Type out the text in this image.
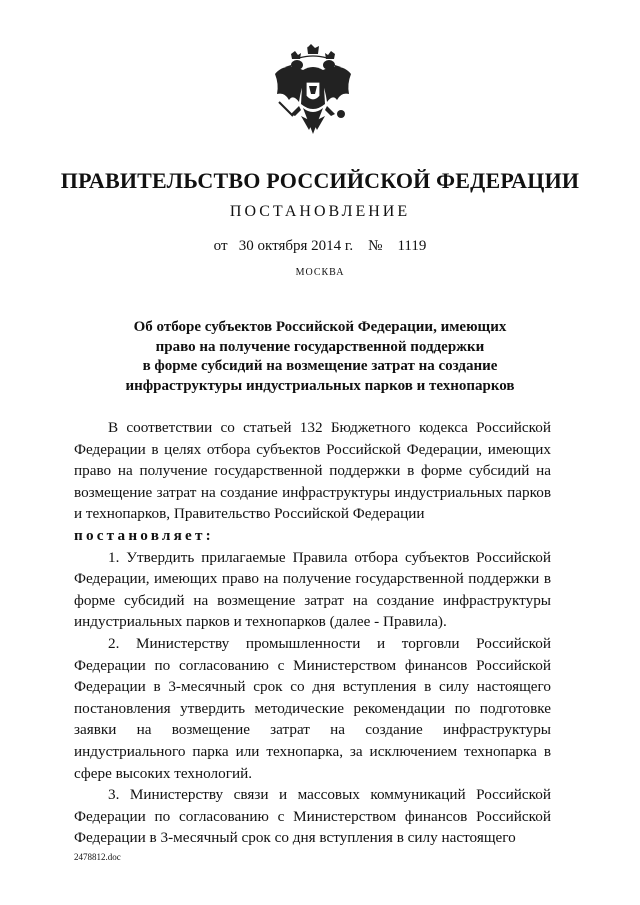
ПРАВИТЕЛЬСТВО РОССИЙСКОЙ ФЕДЕРАЦИИ
ПОСТАНОВЛЕНИЕ
от 30 октября 2014 г. № 1119
МОСКВА
Об отборе субъектов Российской Федерации, имеющих
право на получение государственной поддержки
в форме субсидий на возмещение затрат на создание
инфраструктуры индустриальных парков и технопарков

В соответствии со статьей 132 Бюджетного кодекса Российской Федерации в целях отбора субъектов Российской Федерации, имеющих право на получение государственной поддержки в форме субсидий на возмещение затрат на создание инфраструктуры индустриальных парков и технопарков, Правительство Российской Федерации

постановляет:

1. Утвердить прилагаемые Правила отбора субъектов Российской Федерации, имеющих право на получение государственной поддержки в форме субсидий на возмещение затрат на создание инфраструктуры индустриальных парков и технопарков (далее - Правила).

2. Министерству промышленности и торговли Российской Федерации по согласованию с Министерством финансов Российской Федерации в 3-месячный срок со дня вступления в силу настоящего постановления утвердить методические рекомендации по подготовке заявки на возмещение затрат на создание инфраструктуры индустриального парка или технопарка, за исключением технопарка в сфере высоких технологий.

3. Министерству связи и массовых коммуникаций Российской Федерации по согласованию с Министерством финансов Российской Федерации в 3-месячный срок со дня вступления в силу настоящего

2478812.doc
